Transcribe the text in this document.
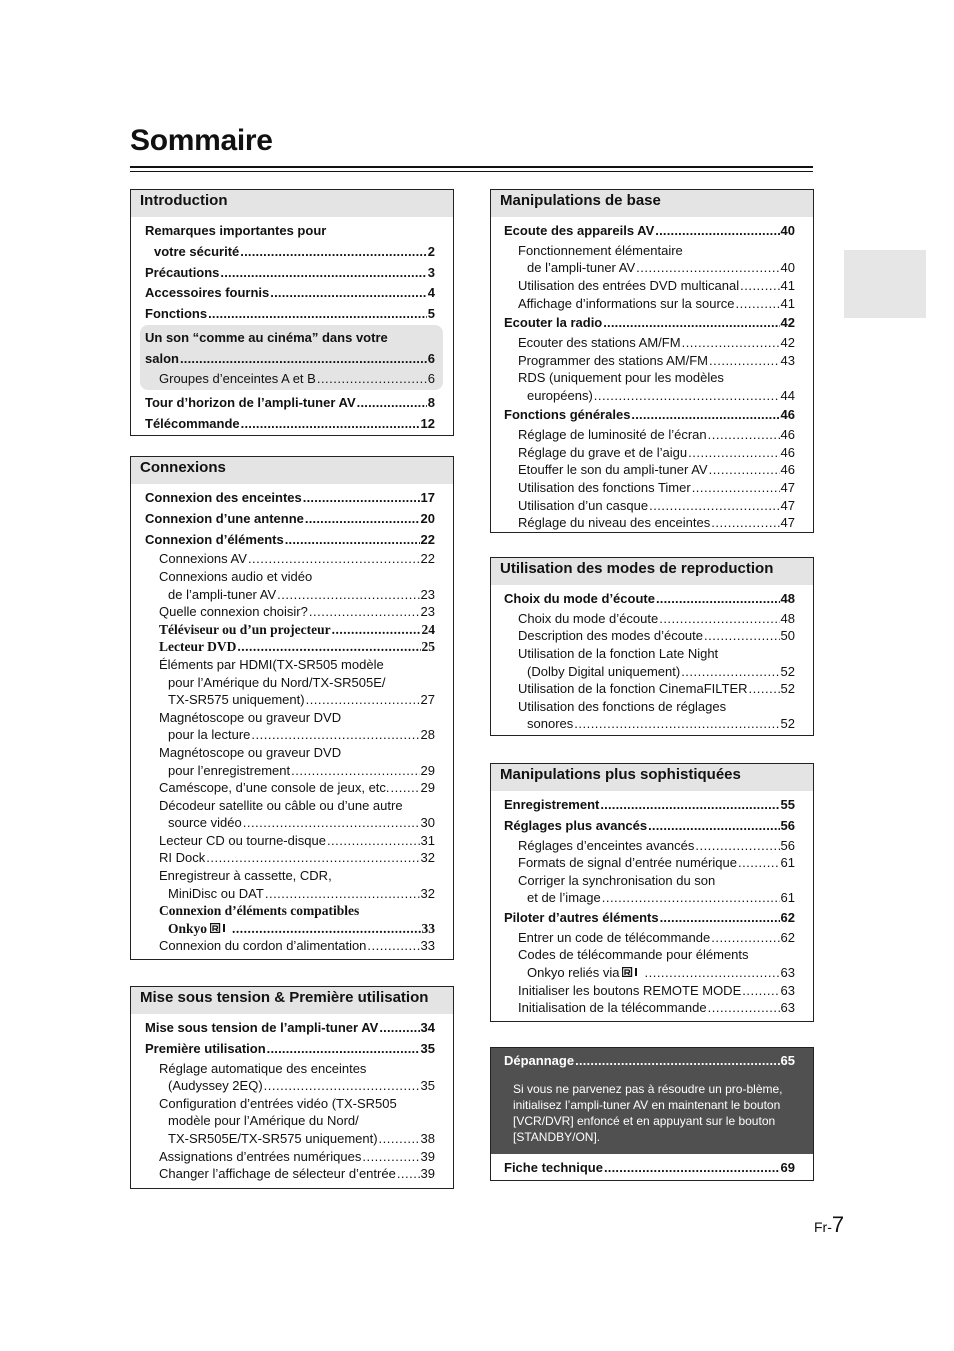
Sommaire
Introduction
Remarques importantes pour
votre sécurité .....	2
Précautions .....	3
Accessoires fournis .....	4
Fonctions .....	5
Un son “comme au cinéma” dans votre
salon .....	6
Groupes d’enceintes A et B .....	6
Tour d’horizon de l’ampli-tuner AV .....	8
Télécommande .....	12
Connexions
Connexion des enceintes .....	17
Connexion d’une antenne .....	20
Connexion d’éléments .....	22
Connexions AV .....	22
Connexions audio et vidéo
de l’ampli-tuner AV .....	23
Quelle connexion choisir? .....	23
Téléviseur ou d’un projecteur .....	24
Lecteur DVD .....	25
Éléments par HDMI(TX-SR505 modèle
pour l’Amérique du Nord/TX-SR505E/
TX-SR575 uniquement) .....	27
Magnétoscope ou graveur DVD
pour la lecture .....	28
Magnétoscope ou graveur DVD
pour l’enregistrement .....	29
Caméscope, d’une console de jeux, etc. ..... 29
Décodeur satellite ou câble ou d’une autre
source vidéo .....	30
Lecteur CD ou tourne-disque .....	31
RI Dock .....	32
Enregistreur à cassette, CDR,
MiniDisc ou DAT .....	32
Connexion d’éléments compatibles
Onkyo .....	33
Connexion du cordon d’alimentation .....	33
Mise sous tension & Première utilisation
Mise sous tension de l’ampli-tuner AV .....	34
Première utilisation .....	35
Réglage automatique des enceintes
(Audyssey 2EQ) .....	35
Configuration d’entrées vidéo (TX-SR505
modèle pour l’Amérique du Nord/
TX-SR505E/TX-SR575 uniquement) .....	38
Assignations d’entrées numériques .....	39
Changer l’affichage de sélecteur d’entrée ..... 39
Manipulations de base
Ecoute des appareils AV .....	40
Fonctionnement élémentaire
de l’ampli-tuner AV .....	40
Utilisation des entrées DVD multicanal .....	41
Affichage d’informations sur la source .....	41
Ecouter la radio .....	42
Ecouter des stations AM/FM .....	42
Programmer des stations AM/FM .....	43
RDS (uniquement pour les modèles
européens) .....	44
Fonctions générales .....	46
Réglage de luminosité de l’écran .....	46
Réglage du grave et de l’aigu .....	46
Etouffer le son du ampli-tuner AV .....	46
Utilisation des fonctions Timer .....	47
Utilisation d’un casque .....	47
Réglage du niveau des enceintes .....	47
Utilisation des modes de reproduction
Choix du mode d’écoute .....	48
Choix du mode d’écoute .....	48
Description des modes d’écoute .....	50
Utilisation de la fonction Late Night
(Dolby Digital uniquement) .....	52
Utilisation de la fonction CinemaFILTER .....	52
Utilisation des fonctions de réglages
sonores .....	52
Manipulations plus sophistiquées
Enregistrement .....	55
Réglages plus avancés .....	56
Réglages d’enceintes avancés .....	56
Formats de signal d’entrée numérique .....	61
Corriger la synchronisation du son
et de l’image .....	61
Piloter d’autres éléments .....	62
Entrer un code de télécommande .....	62
Codes de télécommande pour éléments
Onkyo reliés via .....	63
Initialiser les boutons REMOTE MODE .....	63
Initialisation de la télécommande .....	63
Dépannage .....	65
Si vous ne parvenez pas à résoudre un pro-blème, initialisez l’ampli-tuner AV en maintenant le bouton [VCR/DVR] enfoncé et en appuyant sur le bouton [STANDBY/ON].
Fiche technique .....	69
Fr-7
